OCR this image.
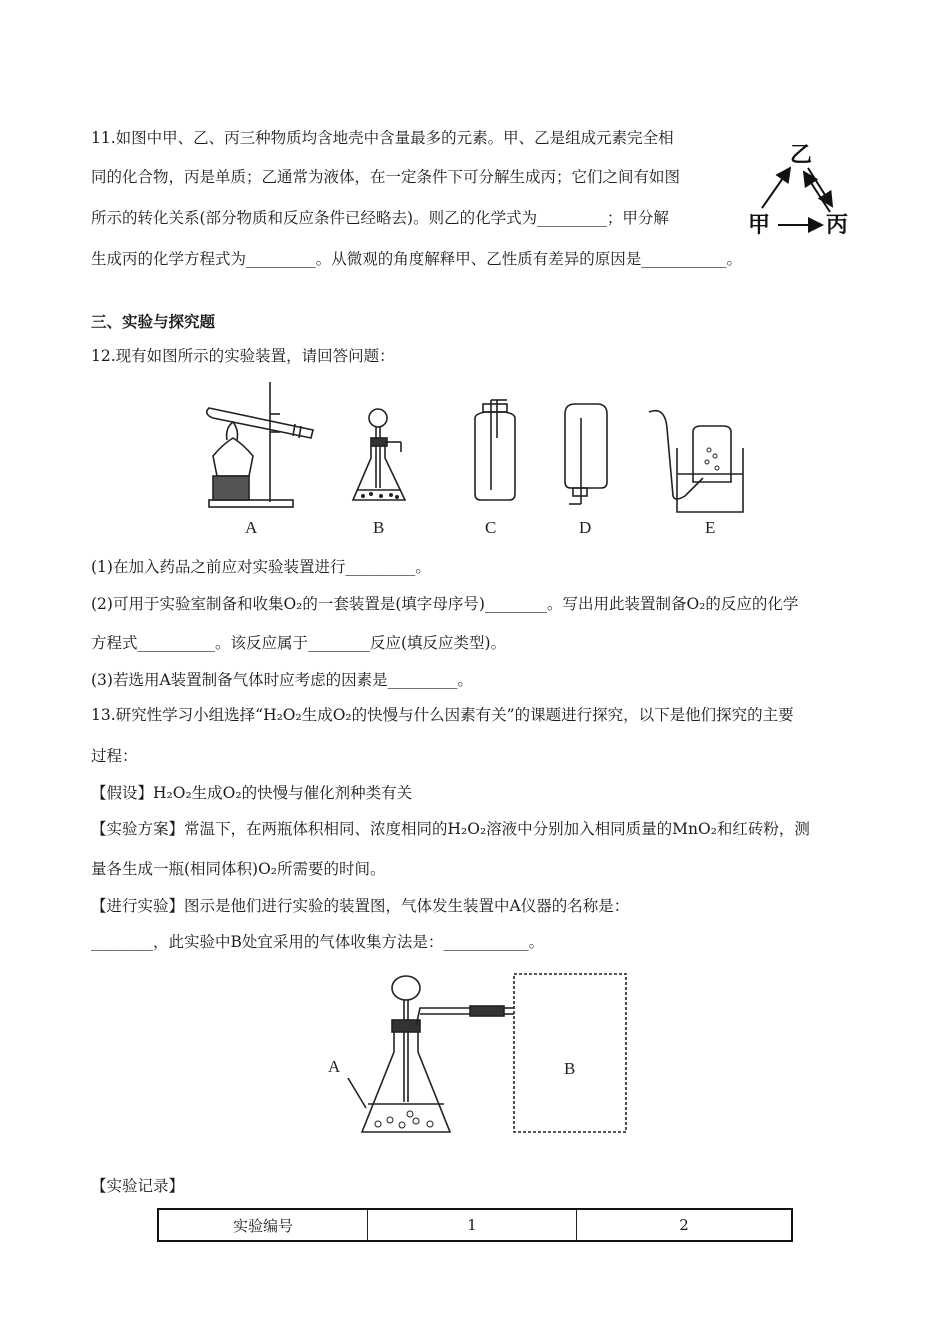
11.如图中甲、乙、丙三种物质均含地壳中含量最多的元素。甲、乙是组成元素完全相
同的化合物，丙是单质；乙通常为液体，在一定条件下可分解生成丙；它们之间有如图
所示的转化关系(部分物质和反应条件已经略去)。则乙的化学式为_________；甲分解
生成丙的化学方程式为_________。从微观的角度解释甲、乙性质有差异的原因是___________。
乙
甲	丙
三、实验与探究题
12.现有如图所示的实验装置，请回答问题：
A	B	C	D	E
(1)在加入药品之前应对实验装置进行_________。
(2)可用于实验室制备和收集O₂的一套装置是(填字母序号)________。写出用此装置制备O₂的反应的化学
方程式__________。该反应属于________反应(填反应类型)。
(3)若选用A装置制备气体时应考虑的因素是_________。
13.研究性学习小组选择“H₂O₂生成O₂的快慢与什么因素有关”的课题进行探究，以下是他们探究的主要
过程：
【假设】H₂O₂生成O₂的快慢与催化剂种类有关
【实验方案】常温下，在两瓶体积相同、浓度相同的H₂O₂溶液中分别加入相同质量的MnO₂和红砖粉，测
量各生成一瓶(相同体积)O₂所需要的时间。
【进行实验】图示是他们进行实验的装置图，气体发生装置中A仪器的名称是：
________，此实验中B处宜采用的气体收集方法是：___________。
A	B
【实验记录】
实验编号	1	2
